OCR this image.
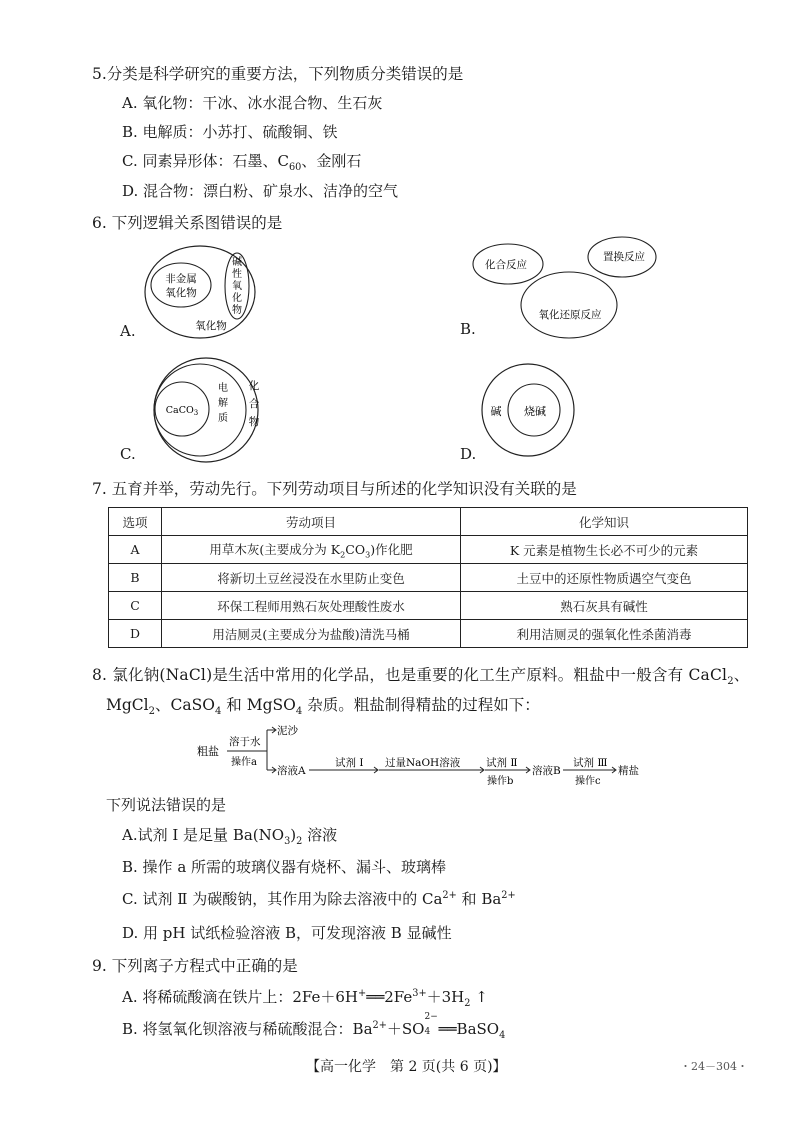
5.分类是科学研究的重要方法，下列物质分类错误的是
A. 氧化物：干冰、冰水混合物、生石灰
B. 电解质：小苏打、硫酸铜、铁
C. 同素异形体：石墨、$C_{60}$、金刚石
D. 混合物：漂白粉、矿泉水、洁净的空气
6. 下列逻辑关系图错误的是
非金属
氧化物
碱
性
氧
化
物
氧化物
A.
化合反应
置换反应
氧化还原反应
B.
CaCO$_3$
电
解
质
化
合
物
C.
碱 烧碱
D.
7. 五育并举，劳动先行。下列劳动项目与所述的化学知识没有关联的是
选项	劳动项目	化学知识
A	用草木灰(主要成分为 $K_2CO_3$)作化肥	K 元素是植物生长必不可少的元素
B	将新切土豆丝浸没在水里防止变色	土豆中的还原性物质遇空气变色
C	环保工程师用熟石灰处理酸性废水	熟石灰具有碱性
D	用洁厕灵(主要成分为盐酸)清洗马桶	利用洁厕灵的强氧化性杀菌消毒
8. 氯化钠(NaCl)是生活中常用的化学品，也是重要的化工生产原料。粗盐中一般含有 CaCl$_2$、
MgCl$_2$、CaSO$_4$ 和 MgSO$_4$ 杂质。粗盐制得精盐的过程如下：
粗盐
溶于水
操作a
泥沙
溶液A
试剂 Ⅰ 过量NaOH溶液 试剂 Ⅱ
操作b
溶液B
试剂 Ⅲ
操作c
精盐
下列说法错误的是
A.试剂 Ⅰ 是足量 $Ba(NO_3)_2$ 溶液
B. 操作 a 所需的玻璃仪器有烧杯、漏斗、玻璃棒
C. 试剂 Ⅱ 为碳酸钠，其作用为除去溶液中的 $Ca^{2+}$ 和 $Ba^{2+}$
D. 用 pH 试纸检验溶液 B，可发现溶液 B 显碱性
9. 下列离子方程式中正确的是
A. 将稀硫酸滴在铁片上：$2Fe+6H^+══2Fe^{3+}+3H_2$ ↑
B. 将氢氧化钡溶液与稀硫酸混合：$Ba^{2+}+SO$
2−
4 ══BaSO$_4$
【高一化学　第 2 页(共 6 页)】	・24－304・
